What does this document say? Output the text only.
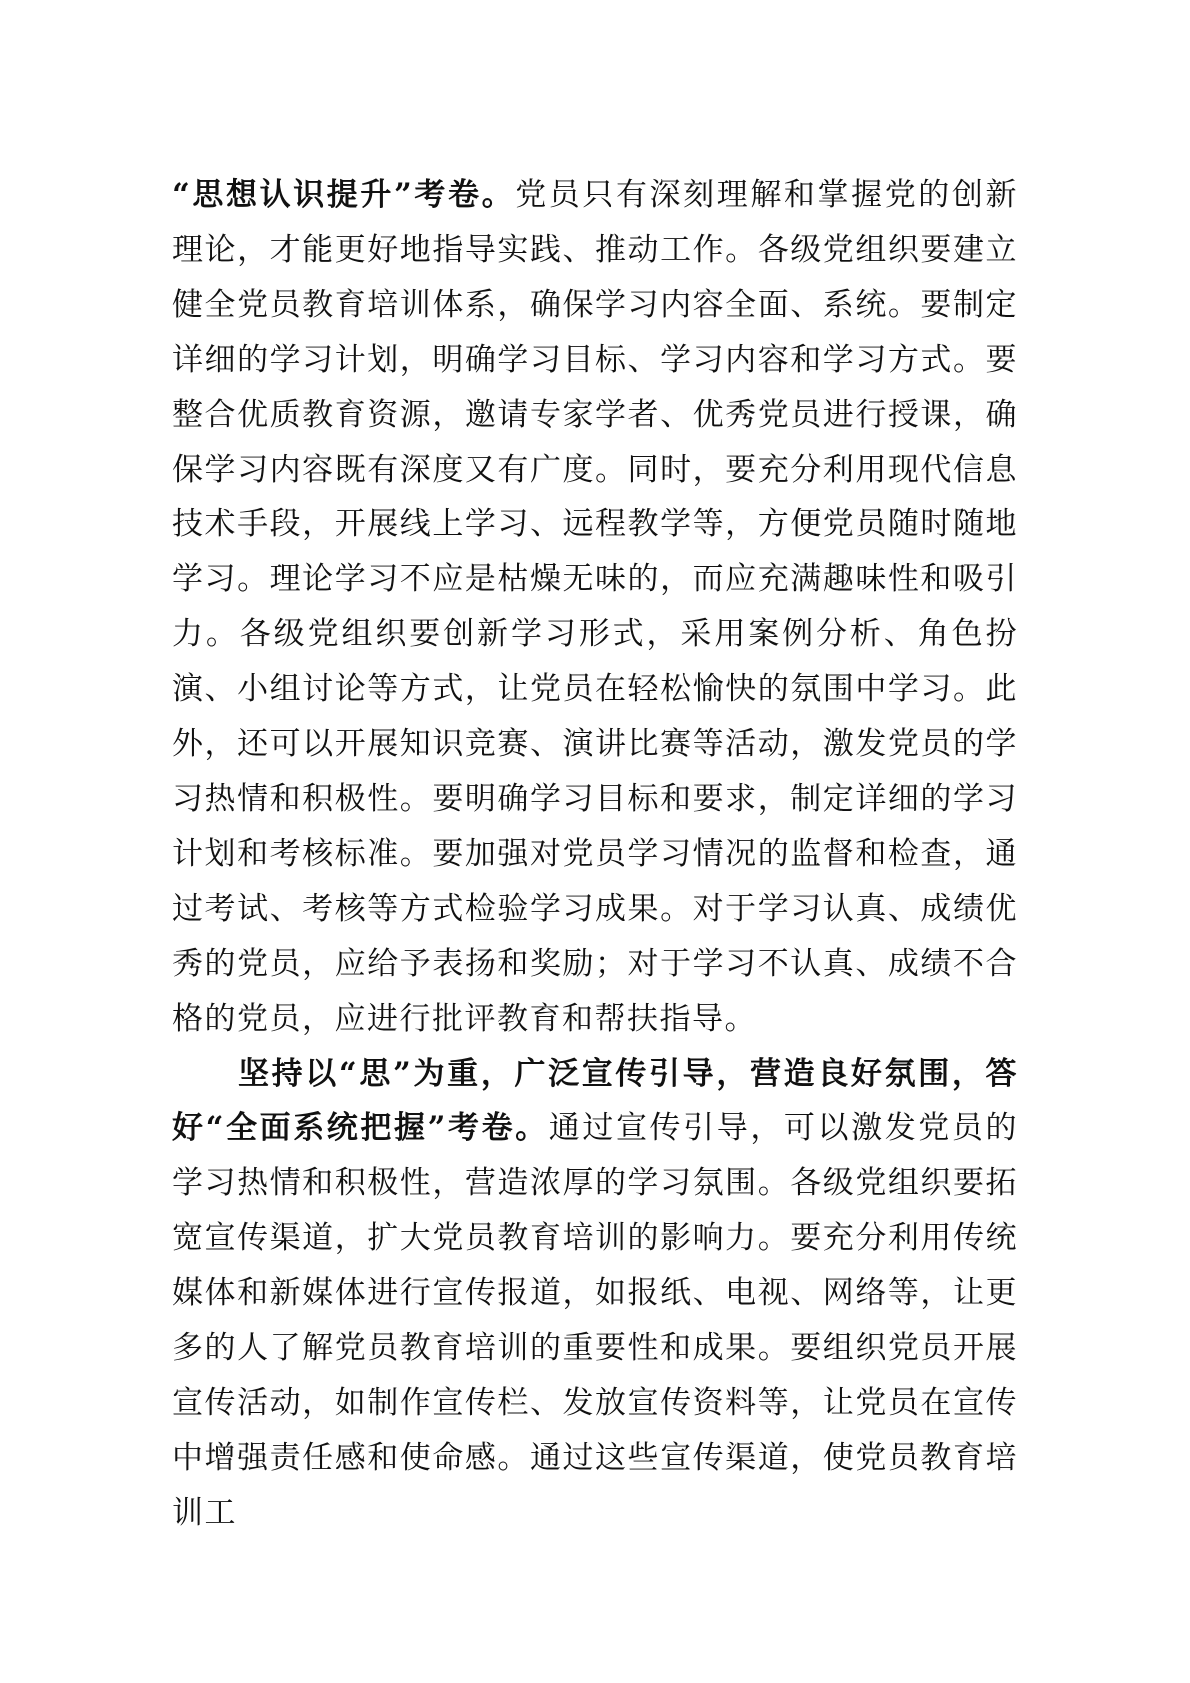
“思想认识提升”考卷。党员只有深刻理解和掌握党的创新理论，才能更好地指导实践、推动工作。各级党组织要建立健全党员教育培训体系，确保学习内容全面、系统。要制定详细的学习计划，明确学习目标、学习内容和学习方式。要整合优质教育资源，邀请专家学者、优秀党员进行授课，确保学习内容既有深度又有广度。同时，要充分利用现代信息技术手段，开展线上学习、远程教学等，方便党员随时随地学习。理论学习不应是枯燥无味的，而应充满趣味性和吸引力。各级党组织要创新学习形式，采用案例分析、角色扮演、小组讨论等方式，让党员在轻松愉快的氛围中学习。此外，还可以开展知识竞赛、演讲比赛等活动，激发党员的学习热情和积极性。要明确学习目标和要求，制定详细的学习计划和考核标准。要加强对党员学习情况的监督和检查，通过考试、考核等方式检验学习成果。对于学习认真、成绩优秀的党员，应给予表扬和奖励；对于学习不认真、成绩不合格的党员，应进行批评教育和帮扶指导。

坚持以“思”为重，广泛宣传引导，营造良好氛围，答好“全面系统把握”考卷。通过宣传引导，可以激发党员的学习热情和积极性，营造浓厚的学习氛围。各级党组织要拓宽宣传渠道，扩大党员教育培训的影响力。要充分利用传统媒体和新媒体进行宣传报道，如报纸、电视、网络等，让更多的人了解党员教育培训的重要性和成果。要组织党员开展宣传活动，如制作宣传栏、发放宣传资料等，让党员在宣传中增强责任感和使命感。通过这些宣传渠道，使党员教育培训工
